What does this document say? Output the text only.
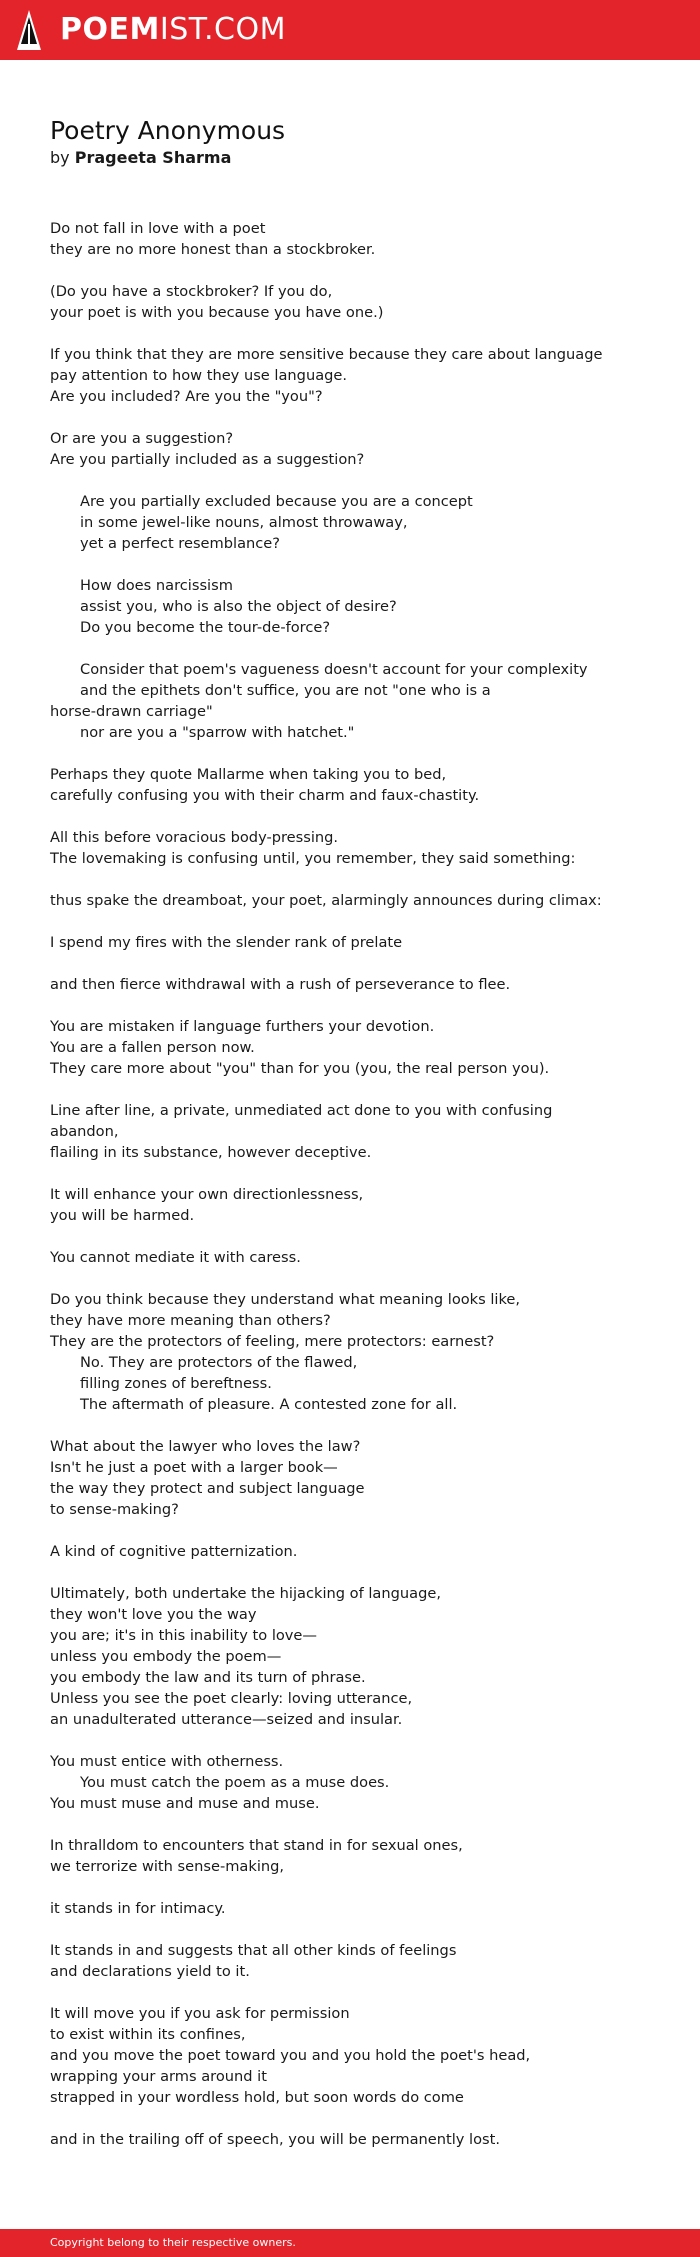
POEMIST.COM
Poetry Anonymous
by Prageeta Sharma
Do not fall in love with a poet
they are no more honest than a stockbroker.
(Do you have a stockbroker? If you do,
your poet is with you because you have one.)
If you think that they are more sensitive because they care about language
pay attention to how they use language.
Are you included? Are you the "you"?
Or are you a suggestion?
Are you partially included as a suggestion?
Are you partially excluded because you are a concept
in some jewel-like nouns, almost throwaway,
yet a perfect resemblance?
How does narcissism
assist you, who is also the object of desire?
Do you become the tour-de-force?
Consider that poem's vagueness doesn't account for your complexity
and the epithets don't suffice, you are not "one who is a
horse-drawn carriage"
nor are you a "sparrow with hatchet."
Perhaps they quote Mallarme when taking you to bed,
carefully confusing you with their charm and faux-chastity.
All this before voracious body-pressing.
The lovemaking is confusing until, you remember, they said something:
thus spake the dreamboat, your poet, alarmingly announces during climax:
I spend my fires with the slender rank of prelate
and then fierce withdrawal with a rush of perseverance to flee.
You are mistaken if language furthers your devotion.
You are a fallen person now.
They care more about "you" than for you (you, the real person you).
Line after line, a private, unmediated act done to you with confusing
abandon,
flailing in its substance, however deceptive.
It will enhance your own directionlessness,
you will be harmed.
You cannot mediate it with caress.
Do you think because they understand what meaning looks like,
they have more meaning than others?
They are the protectors of feeling, mere protectors: earnest?
No. They are protectors of the flawed,
filling zones of bereftness.
The aftermath of pleasure. A contested zone for all.
What about the lawyer who loves the law?
Isn't he just a poet with a larger book—
the way they protect and subject language
to sense-making?
A kind of cognitive patternization.
Ultimately, both undertake the hijacking of language,
they won't love you the way
you are; it's in this inability to love—
unless you embody the poem—
you embody the law and its turn of phrase.
Unless you see the poet clearly: loving utterance,
an unadulterated utterance—seized and insular.
You must entice with otherness.
You must catch the poem as a muse does.
You must muse and muse and muse.
In thralldom to encounters that stand in for sexual ones,
we terrorize with sense-making,
it stands in for intimacy.
It stands in and suggests that all other kinds of feelings
and declarations yield to it.
It will move you if you ask for permission
to exist within its confines,
and you move the poet toward you and you hold the poet's head,
wrapping your arms around it
strapped in your wordless hold, but soon words do come
and in the trailing off of speech, you will be permanently lost.
Copyright belong to their respective owners.
